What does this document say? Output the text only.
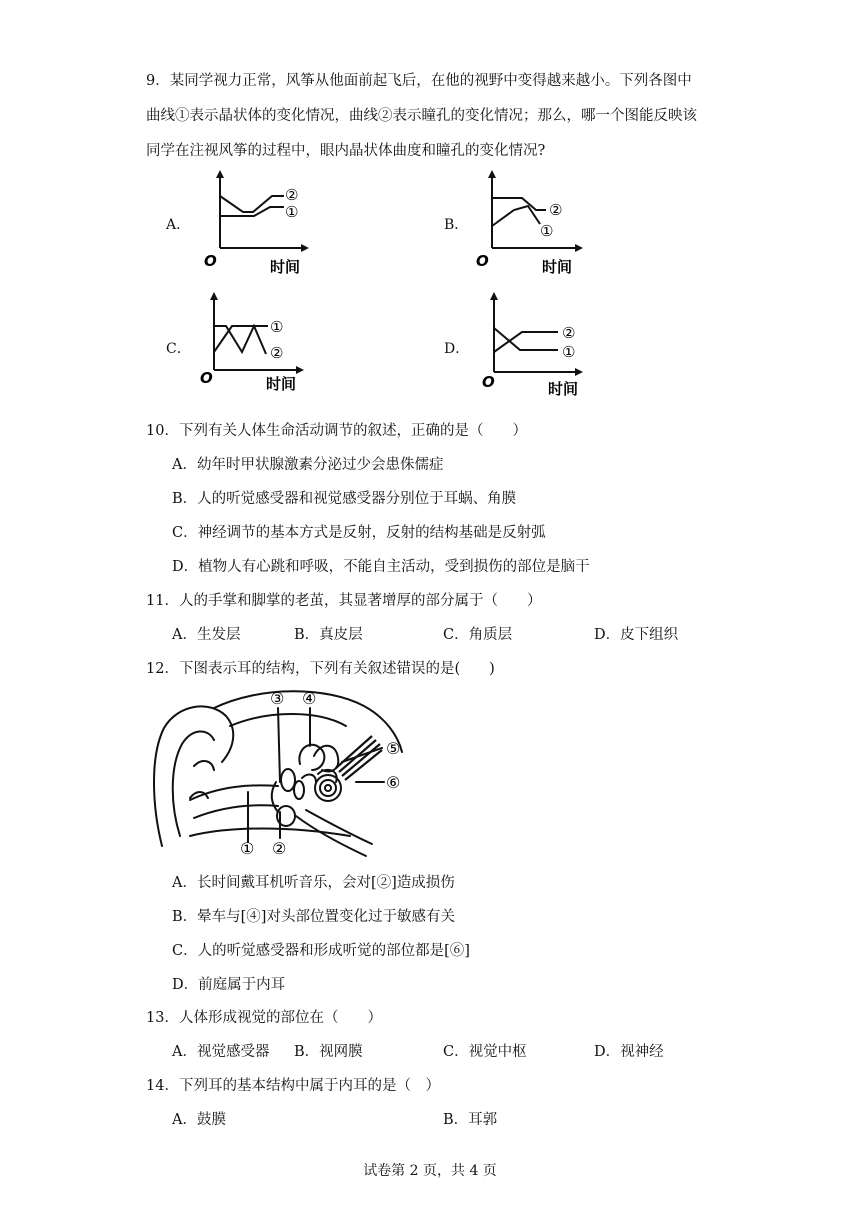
9．某同学视力正常，风筝从他面前起飞后，在他的视野中变得越来越小。下列各图中
曲线①表示晶状体的变化情况，曲线②表示瞳孔的变化情况；那么，哪一个图能反映该
同学在注视风筝的过程中，眼内晶状体曲度和瞳孔的变化情况?
A．	B．
C．	D．
O	时间
②
①
O	时间
②
①
O	时间
①
②
O	时间
②
①
10．下列有关人体生命活动调节的叙述，正确的是（　　）
A．幼年时甲状腺激素分泌过少会患侏儒症
B．人的听觉感受器和视觉感受器分别位于耳蜗、角膜
C．神经调节的基本方式是反射，反射的结构基础是反射弧
D．植物人有心跳和呼吸，不能自主活动，受到损伤的部位是脑干
11．人的手掌和脚掌的老茧，其显著增厚的部分属于（　　）
A．生发层	B．真皮层	C．角质层	D．皮下组织
12．下图表示耳的结构，下列有关叙述错误的是(　　)
① ②
③ ④
⑤
⑥
A．长时间戴耳机听音乐，会对[②]造成损伤
B．晕车与[④]对头部位置变化过于敏感有关
C．人的听觉感受器和形成听觉的部位都是[⑥]
D．前庭属于内耳
13．人体形成视觉的部位在（　　）
A．视觉感受器 B．视网膜	C．视觉中枢	D．视神经
14．下列耳的基本结构中属于内耳的是（　）
A．鼓膜	B．耳郭
试卷第 2 页，共 4 页
